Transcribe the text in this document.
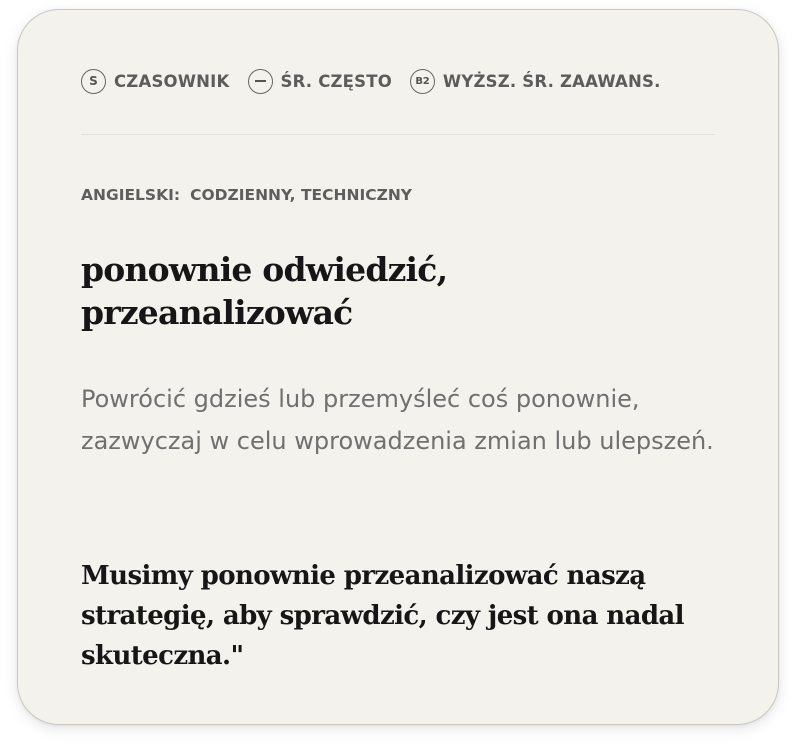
S CZASOWNIK	ŚR. CZĘSTO	B2 WYŻSZ. ŚR. ZAAWANS.
ANGIELSKI: CODZIENNY, TECHNICZNY
ponownie odwiedzić, przeanalizować
Powrócić gdzieś lub przemyśleć coś ponownie, zazwyczaj w celu wprowadzenia zmian lub ulepszeń.
Musimy ponownie przeanalizować naszą strategię, aby sprawdzić, czy jest ona nadal skuteczna."
